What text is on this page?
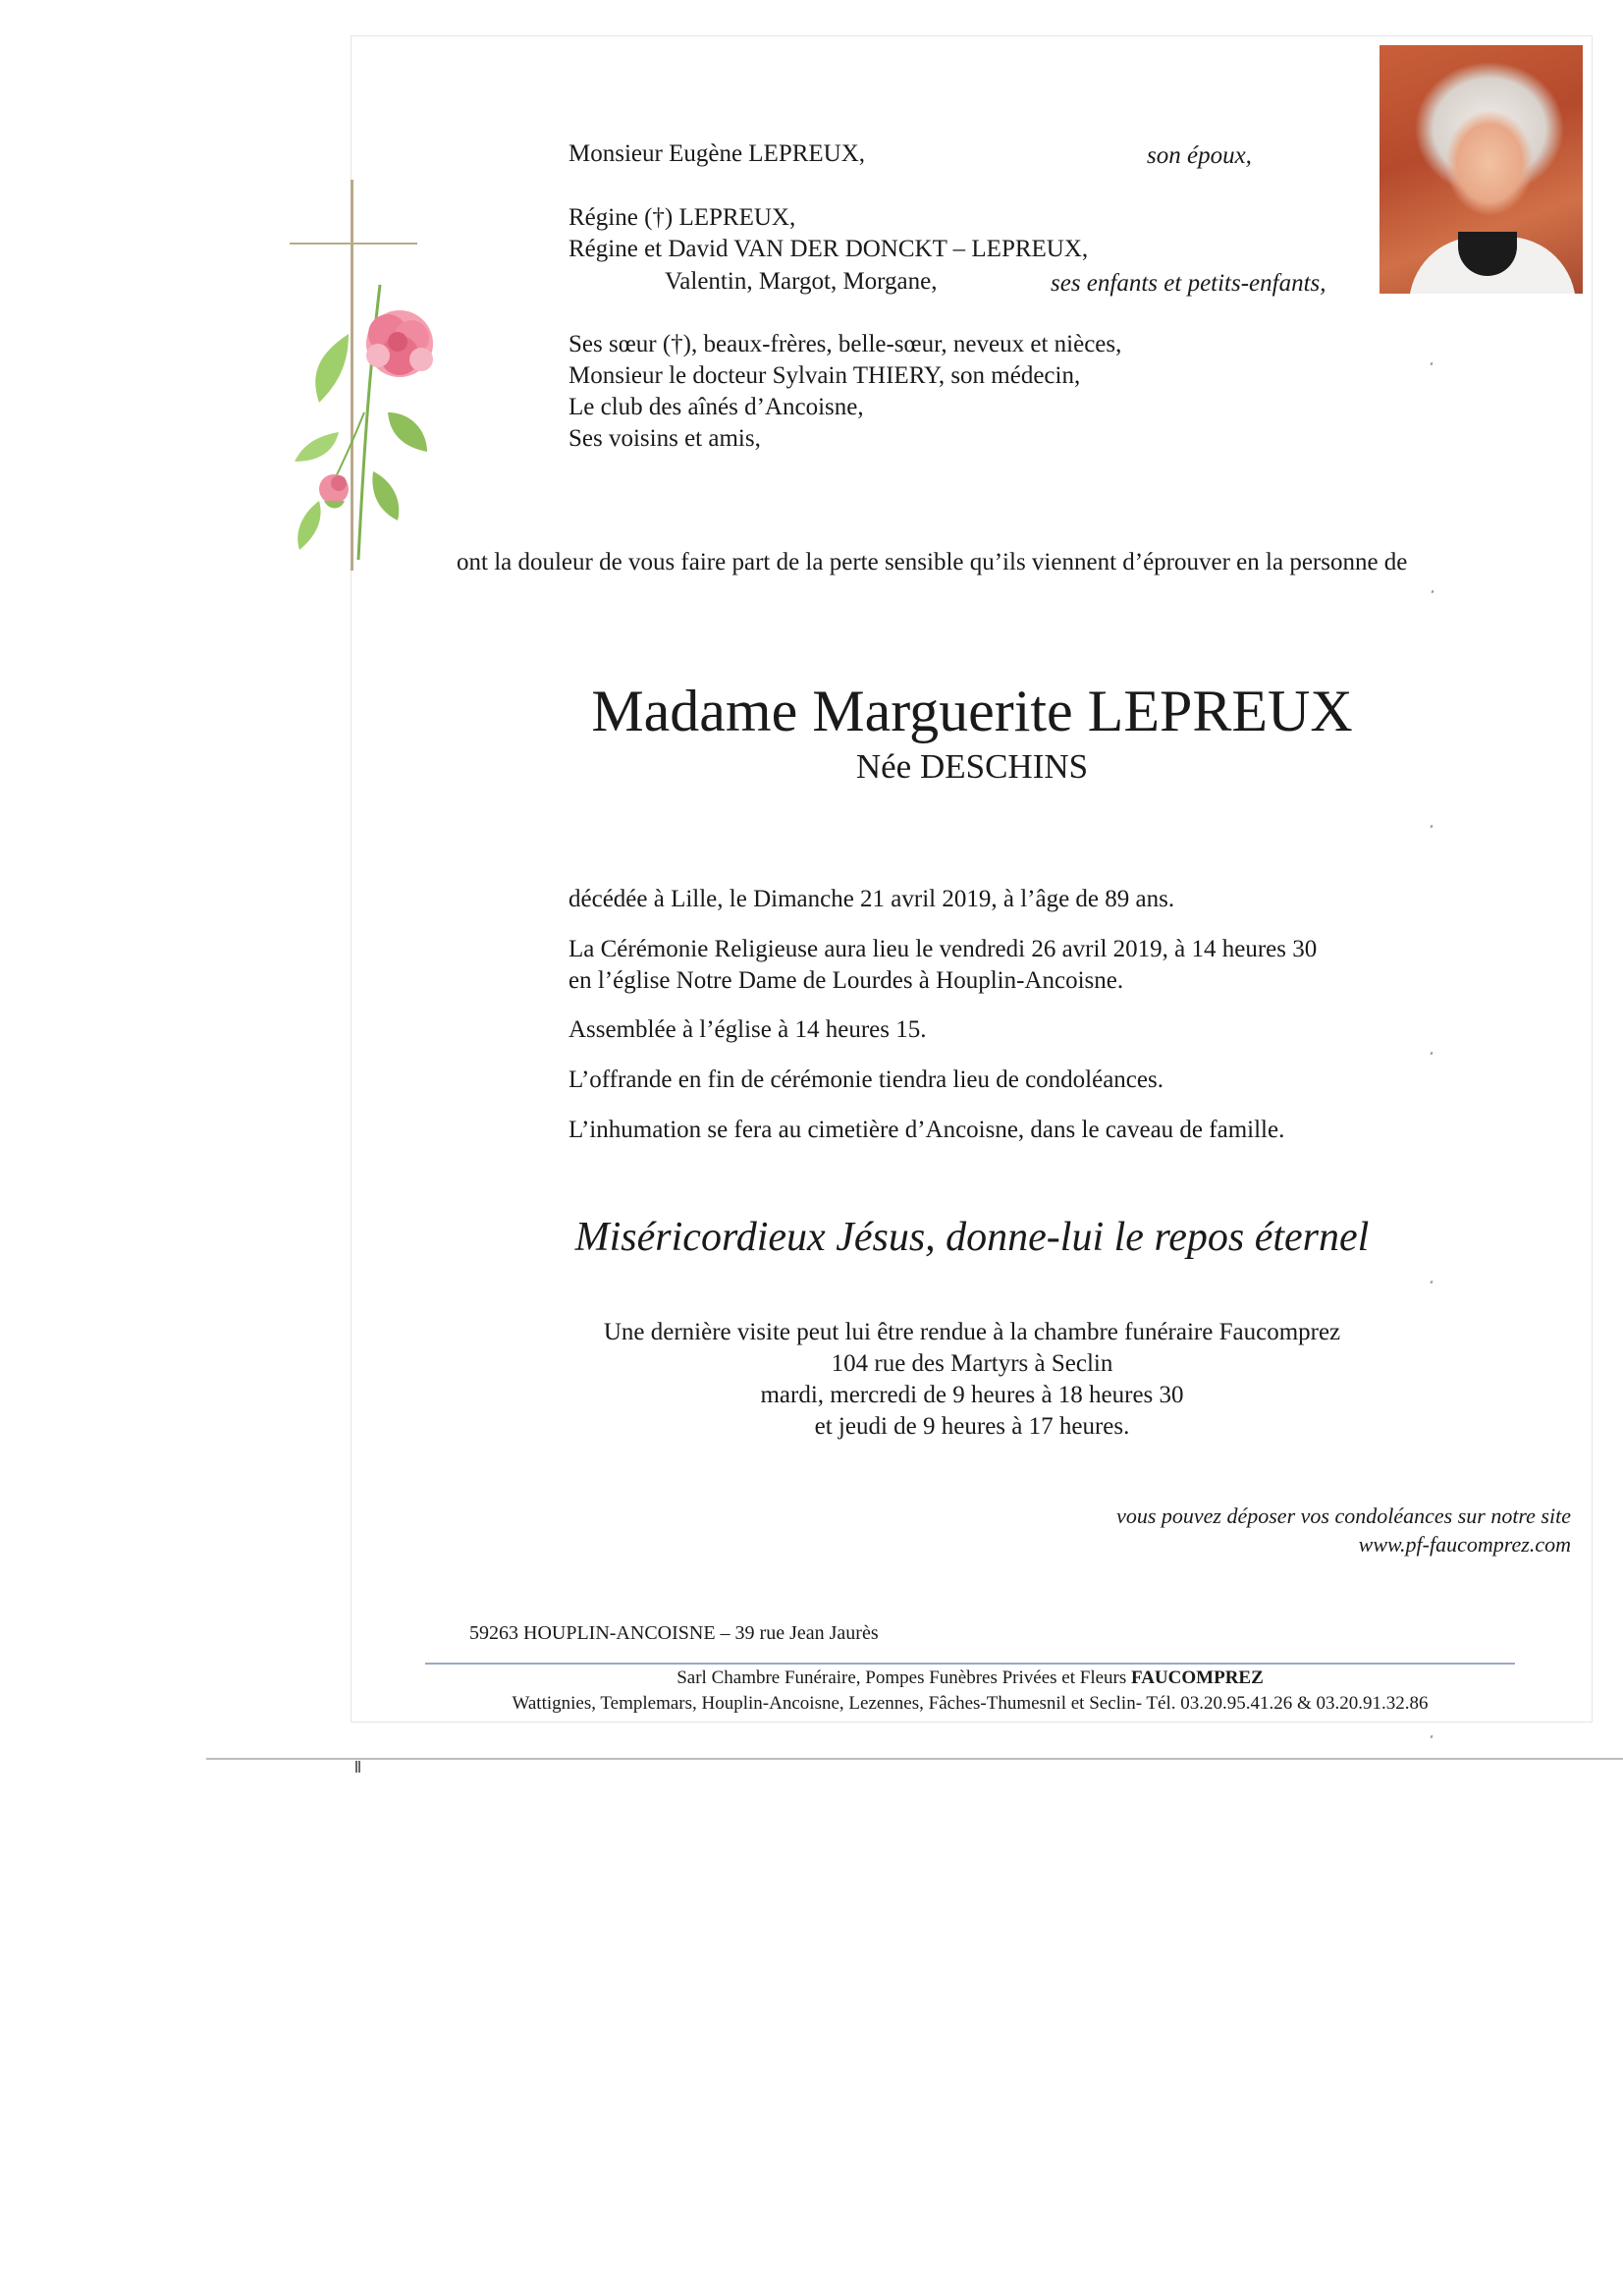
Monsieur Eugène LEPREUX,	son époux,
Régine (†) LEPREUX,
Régine et David VAN DER DONCKT – LEPREUX,
Valentin, Margot, Morgane,	ses enfants et petits-enfants,
Ses sœur (†), beaux-frères, belle-sœur, neveux et nièces,
Monsieur le docteur Sylvain THIERY, son médecin,
Le club des aînés d’Ancoisne,
Ses voisins et amis,
ont la douleur de vous faire part de la perte sensible qu’ils viennent d’éprouver en la personne de
Madame Marguerite LEPREUX
Née DESCHINS
décédée à Lille, le Dimanche 21 avril 2019, à l’âge de 89 ans.
La Cérémonie Religieuse aura lieu le vendredi 26 avril 2019, à 14 heures 30
en l’église Notre Dame de Lourdes à Houplin-Ancoisne.
Assemblée à l’église à 14 heures 15.
L’offrande en fin de cérémonie tiendra lieu de condoléances.
L’inhumation se fera au cimetière d’Ancoisne, dans le caveau de famille.
Miséricordieux Jésus, donne-lui le repos éternel
Une dernière visite peut lui être rendue à la chambre funéraire Faucomprez
104 rue des Martyrs à Seclin
mardi, mercredi de 9 heures à 18 heures 30
et jeudi de 9 heures à 17 heures.
vous pouvez déposer vos condoléances sur notre site
www.pf-faucomprez.com
59263 HOUPLIN-ANCOISNE – 39 rue Jean Jaurès
Sarl Chambre Funéraire, Pompes Funèbres Privées et Fleurs FAUCOMPREZ
Wattignies, Templemars, Houplin-Ancoisne, Lezennes, Fâches-Thumesnil et Seclin- Tél. 03.20.95.41.26 & 03.20.91.32.86
